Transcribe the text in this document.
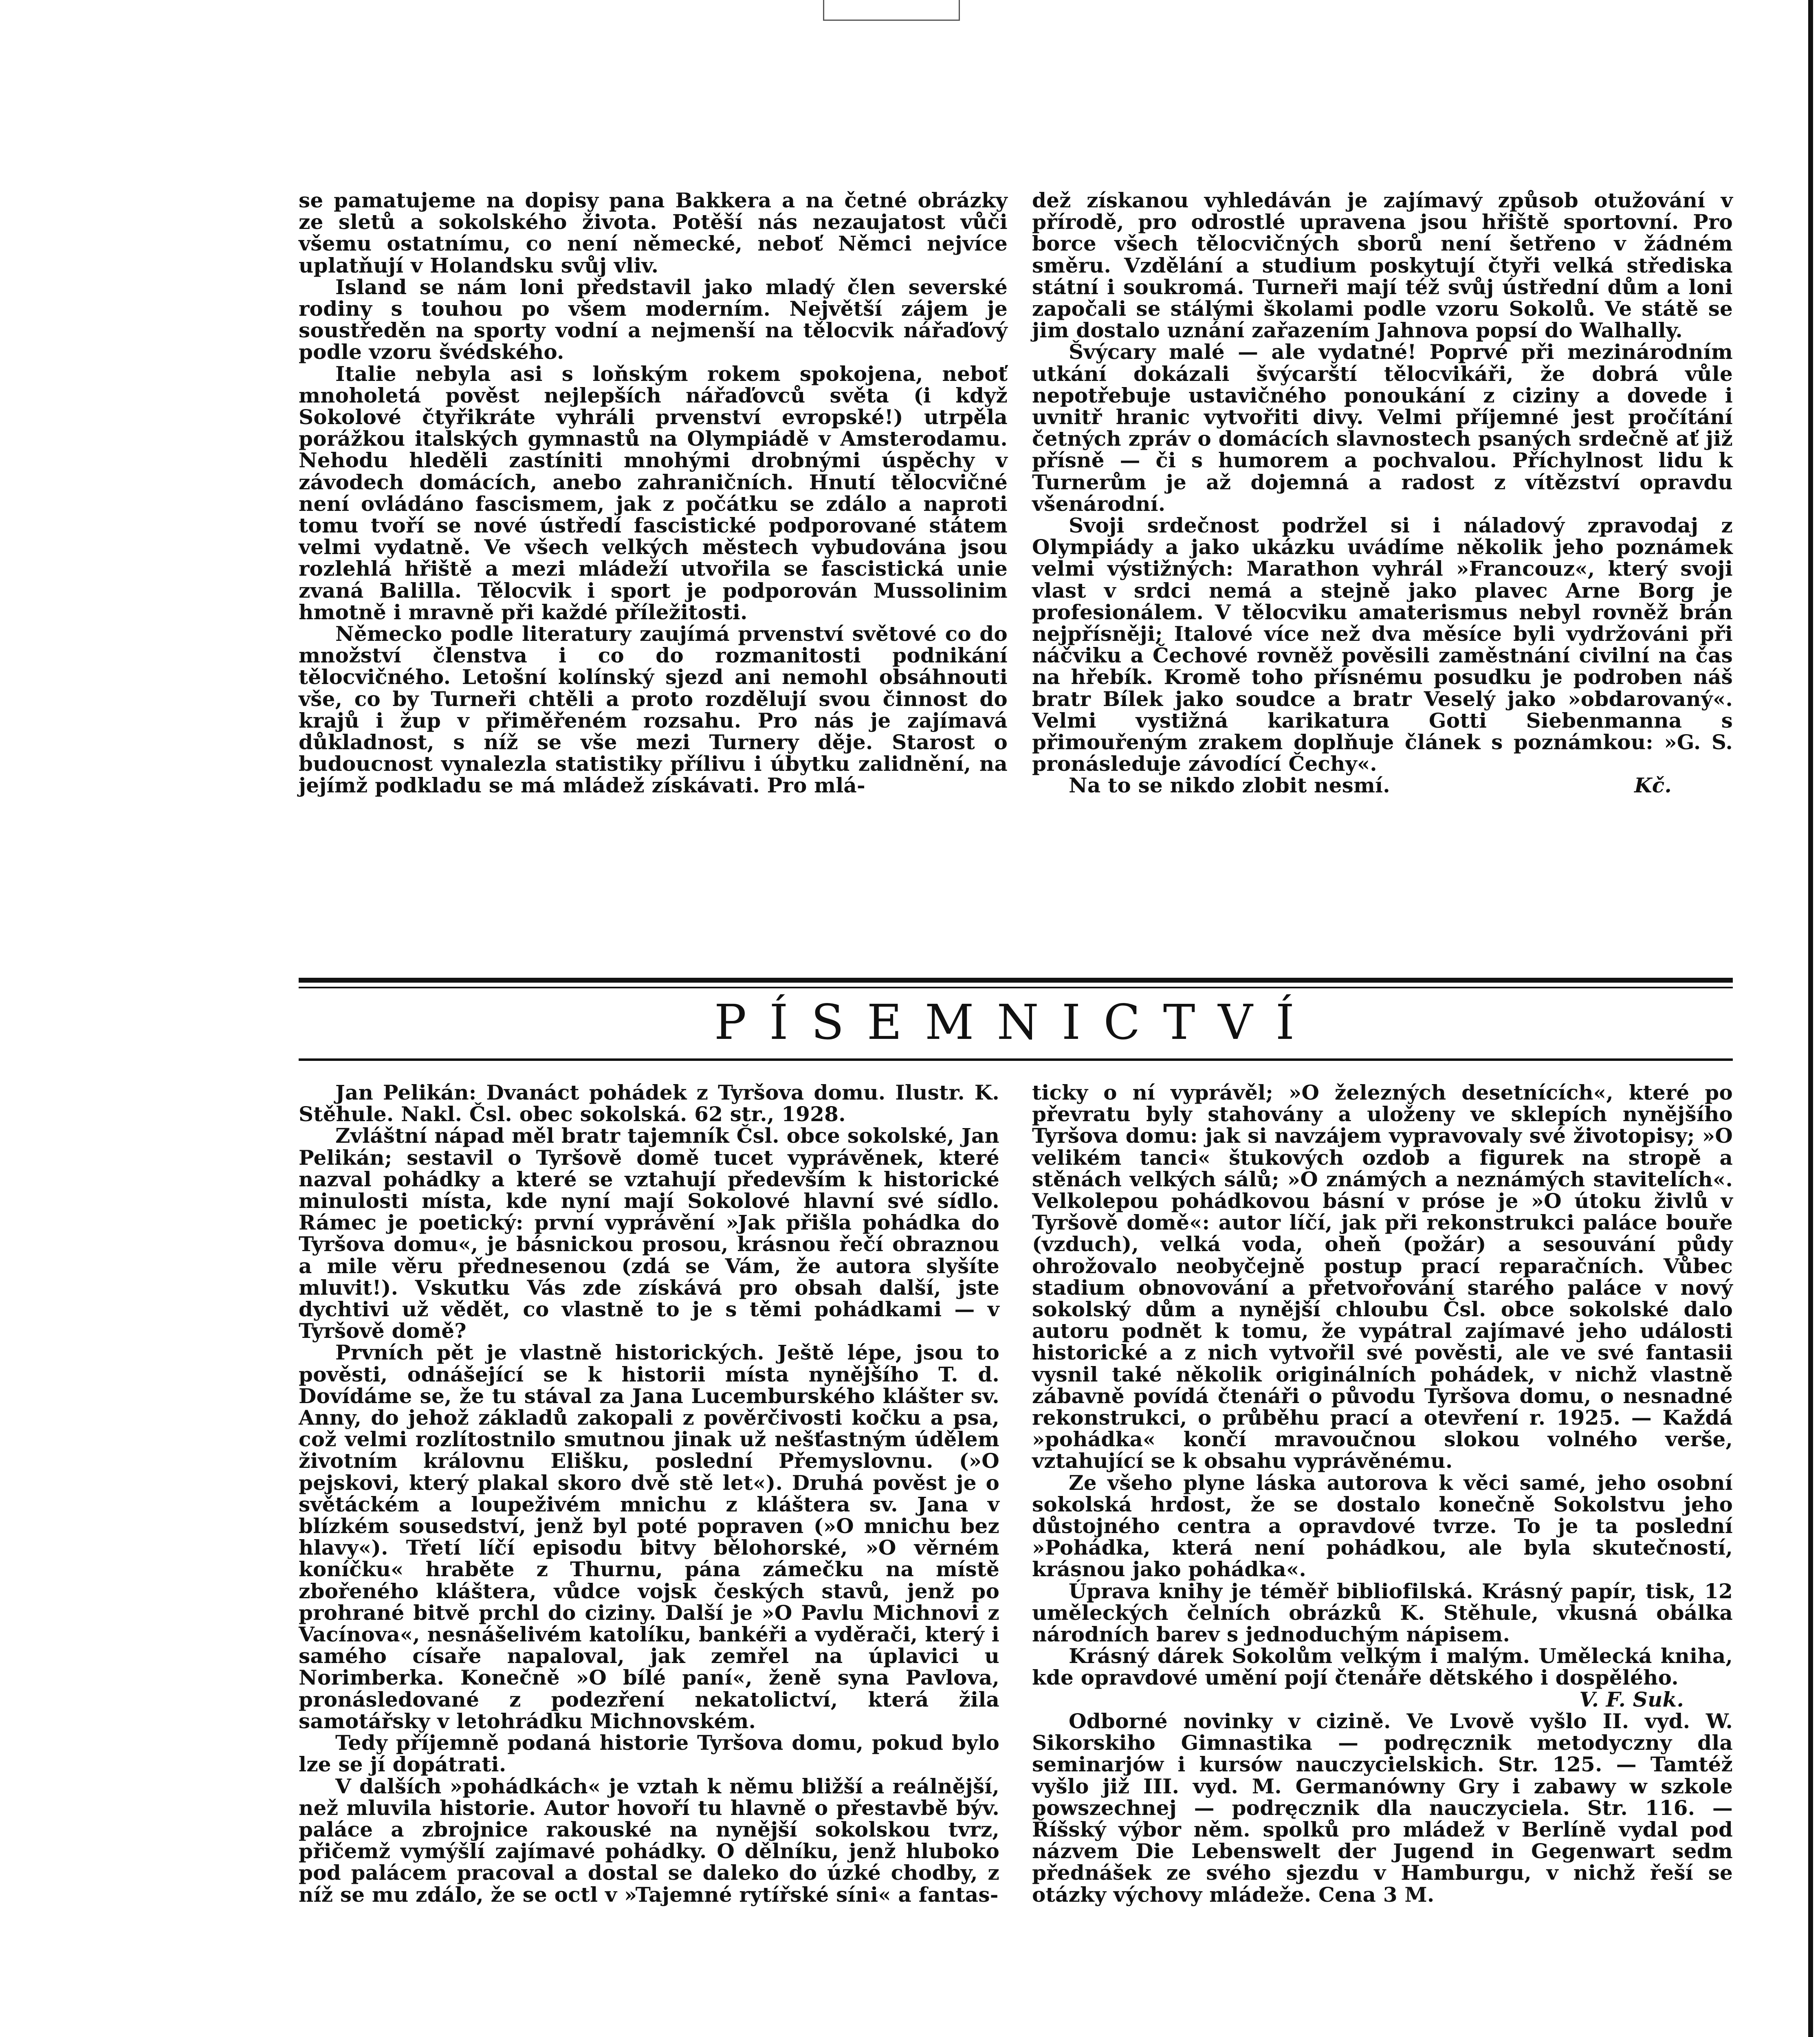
se pamatujeme na dopisy pana Bakkera a na četné obrázky ze sletů a sokolského života. Potěší nás nezaujatost vůči všemu ostatnímu, co není německé, neboť Němci nejvíce uplatňují v Holandsku svůj vliv.

Island se nám loni představil jako mladý člen severské rodiny s touhou po všem moderním. Největší zájem je soustředěn na sporty vodní a nejmenší na tělocvik nářaďový podle vzoru švédského.

Italie nebyla asi s loňským rokem spokojena, neboť mnoholetá pověst nejlepších nářaďovců světa (i když Sokolové čtyřikráte vyhráli prvenství evropské!) utrpěla porážkou italských gymnastů na Olympiádě v Amsterodamu. Nehodu hleděli zastíniti mnohými drobnými úspěchy v závodech domácích, anebo zahraničních. Hnutí tělocvičné není ovládáno fascismem, jak z počátku se zdálo a naproti tomu tvoří se nové ústředí fascistické podporované státem velmi vydatně. Ve všech velkých městech vybudována jsou rozlehlá hřiště a mezi mládeží utvořila se fascistická unie zvaná Balilla. Tělocvik i sport je podporován Mussolinim hmotně i mravně při každé příležitosti.

Německo podle literatury zaujímá prvenství světové co do množství členstva i co do rozmanitosti podnikání tělocvičného. Letošní kolínský sjezd ani nemohl obsáhnouti vše, co by Turneři chtěli a proto rozdělují svou činnost do krajů i žup v přiměřeném rozsahu. Pro nás je zajímavá důkladnost, s níž se vše mezi Turnery děje. Starost o budoucnost vynalezla statistiky přílivu i úbytku zalidnění, na jejímž podkladu se má mládež získávati. Pro mlá-

dež získanou vyhledáván je zajímavý způsob otužování v přírodě, pro odrostlé upravena jsou hřiště sportovní. Pro borce všech tělocvičných sborů není šetřeno v žádném směru. Vzdělání a studium poskytují čtyři velká střediska státní i soukromá. Turneři mají též svůj ústřední dům a loni započali se stálými školami podle vzoru Sokolů. Ve státě se jim dostalo uznání zařazením Jahnova popsí do Walhally.

Švýcary malé — ale vydatné! Poprvé při mezinárodním utkání dokázali švýcarští tělocvikáři, že dobrá vůle nepotřebuje ustavičného ponoukání z ciziny a dovede i uvnitř hranic vytvořiti divy. Velmi příjemné jest pročítání četných zpráv o domácích slavnostech psaných srdečně ať již přísně — či s humorem a pochvalou. Příchylnost lidu k Turnerům je až dojemná a radost z vítězství opravdu všenárodní.

Svoji srdečnost podržel si i náladový zpravodaj z Olympiády a jako ukázku uvádíme několik jeho poznámek velmi výstižných: Marathon vyhrál »Francouz«, který svoji vlast v srdci nemá a stejně jako plavec Arne Borg je profesionálem. V tělocviku amaterismus nebyl rovněž brán nejpřísněji; Italové více než dva měsíce byli vydržováni při náčviku a Čechové rovněž pověsili zaměstnání civilní na čas na hřebík. Kromě toho přísnému posudku je podroben náš bratr Bílek jako soudce a bratr Veselý jako »obdarovaný«. Velmi vystižná karikatura Gotti Siebenmanna s přimouřeným zrakem doplňuje článek s poznámkou: »G. S. pronásleduje závodící Čechy«.

Na to se nikdo zlobit nesmí.	Kč.

PÍSEMNICTVÍ

Jan Pelikán: Dvanáct pohádek z Tyršova domu. Ilustr. K. Stěhule. Nakl. Čsl. obec sokolská. 62 str., 1928.

Zvláštní nápad měl bratr tajemník Čsl. obce sokolské, Jan Pelikán; sestavil o Tyršově domě tucet vyprávěnek, které nazval pohádky a které se vztahují především k historické minulosti místa, kde nyní mají Sokolové hlavní své sídlo. Rámec je poetický: první vyprávění »Jak přišla pohádka do Tyršova domu«, je básnickou prosou, krásnou řečí obraznou a mile věru přednesenou (zdá se Vám, že autora slyšíte mluvit!). Vskutku Vás zde získává pro obsah další, jste dychtivi už vědět, co vlastně to je s těmi pohádkami — v Tyršově domě?

Prvních pět je vlastně historických. Ještě lépe, jsou to pověsti, odnášející se k historii místa nynějšího T. d. Dovídáme se, že tu stával za Jana Lucemburského klášter sv. Anny, do jehož základů zakopali z pověrčivosti kočku a psa, což velmi rozlítostnilo smutnou jinak už nešťastným údělem životním královnu Elišku, poslední Přemyslovnu. (»O pejskovi, který plakal skoro dvě stě let«). Druhá pověst je o světáckém a loupeživém mnichu z kláštera sv. Jana v blízkém sousedství, jenž byl poté popraven (»O mnichu bez hlavy«). Třetí líčí episodu bitvy bělohorské, »O věrném koníčku« hraběte z Thurnu, pána zámečku na místě zbořeného kláštera, vůdce vojsk českých stavů, jenž po prohrané bitvě prchl do ciziny. Další je »O Pavlu Michnovi z Vacínova«, nesnášelivém katolíku, bankéři a vyděrači, který i samého císaře napaloval, jak zemřel na úplavici u Norimberka. Konečně »O bílé paní«, ženě syna Pavlova, pronásledované z podezření nekatolictví, která žila samotářsky v letohrádku Michnovském.

Tedy příjemně podaná historie Tyršova domu, pokud bylo lze se jí dopátrati.

V dalších »pohádkách« je vztah k němu bližší a reálnější, než mluvila historie. Autor hovoří tu hlavně o přestavbě býv. paláce a zbrojnice rakouské na nynější sokolskou tvrz, přičemž vymýšlí zajímavé pohádky. O dělníku, jenž hluboko pod palácem pracoval a dostal se daleko do úzké chodby, z níž se mu zdálo, že se octl v »Tajemné rytířské síni« a fantas-

ticky o ní vyprávěl; »O železných desetnících«, které po převratu byly stahovány a uloženy ve sklepích nynějšího Tyršova domu: jak si navzájem vypravovaly své životopisy; »O velikém tanci« štukových ozdob a figurek na stropě a stěnách velkých sálů; »O známých a neznámých stavitelích«. Velkolepou pohádkovou básní v próse je »O útoku živlů v Tyršově domě«: autor líčí, jak při rekonstrukci paláce bouře (vzduch), velká voda, oheň (požár) a sesouvání půdy ohrožovalo neobyčejně postup prací reparačních. Vůbec stadium obnovování a přetvořování starého paláce v nový sokolský dům a nynější chloubu Čsl. obce sokolské dalo autoru podnět k tomu, že vypátral zajímavé jeho události historické a z nich vytvořil své pověsti, ale ve své fantasii vysnil také několik originálních pohádek, v nichž vlastně zábavně povídá čtenáři o původu Tyršova domu, o nesnadné rekonstrukci, o průběhu prací a otevření r. 1925. — Každá »pohádka« končí mravoučnou slokou volného verše, vztahující se k obsahu vyprávěnému.

Ze všeho plyne láska autorova k věci samé, jeho osobní sokolská hrdost, že se dostalo konečně Sokolstvu jeho důstojného centra a opravdové tvrze. To je ta poslední »Pohádka, která není pohádkou, ale byla skutečností, krásnou jako pohádka«.

Úprava knihy je téměř bibliofilská. Krásný papír, tisk, 12 uměleckých čelních obrázků K. Stěhule, vkusná obálka národních barev s jednoduchým nápisem.

Krásný dárek Sokolům velkým i malým. Umělecká kniha, kde opravdové umění pojí čtenáře dětského i dospělého.

V. F. Suk.

Odborné novinky v cizině. Ve Lvově vyšlo II. vyd. W. Sikorskiho Gimnastika — podręcznik metodyczny dla seminarjów i kursów nauczycielskich. Str. 125. — Tamtéž vyšlo již III. vyd. M. Germanówny Gry i zabawy w szkole powszechnej — podręcznik dla nauczyciela. Str. 116. — Říšský výbor něm. spolků pro mládež v Berlíně vydal pod názvem Die Lebenswelt der Jugend in Gegenwart sedm přednášek ze svého sjezdu v Hamburgu, v nichž řeší se otázky výchovy mládeže. Cena 3 M.
